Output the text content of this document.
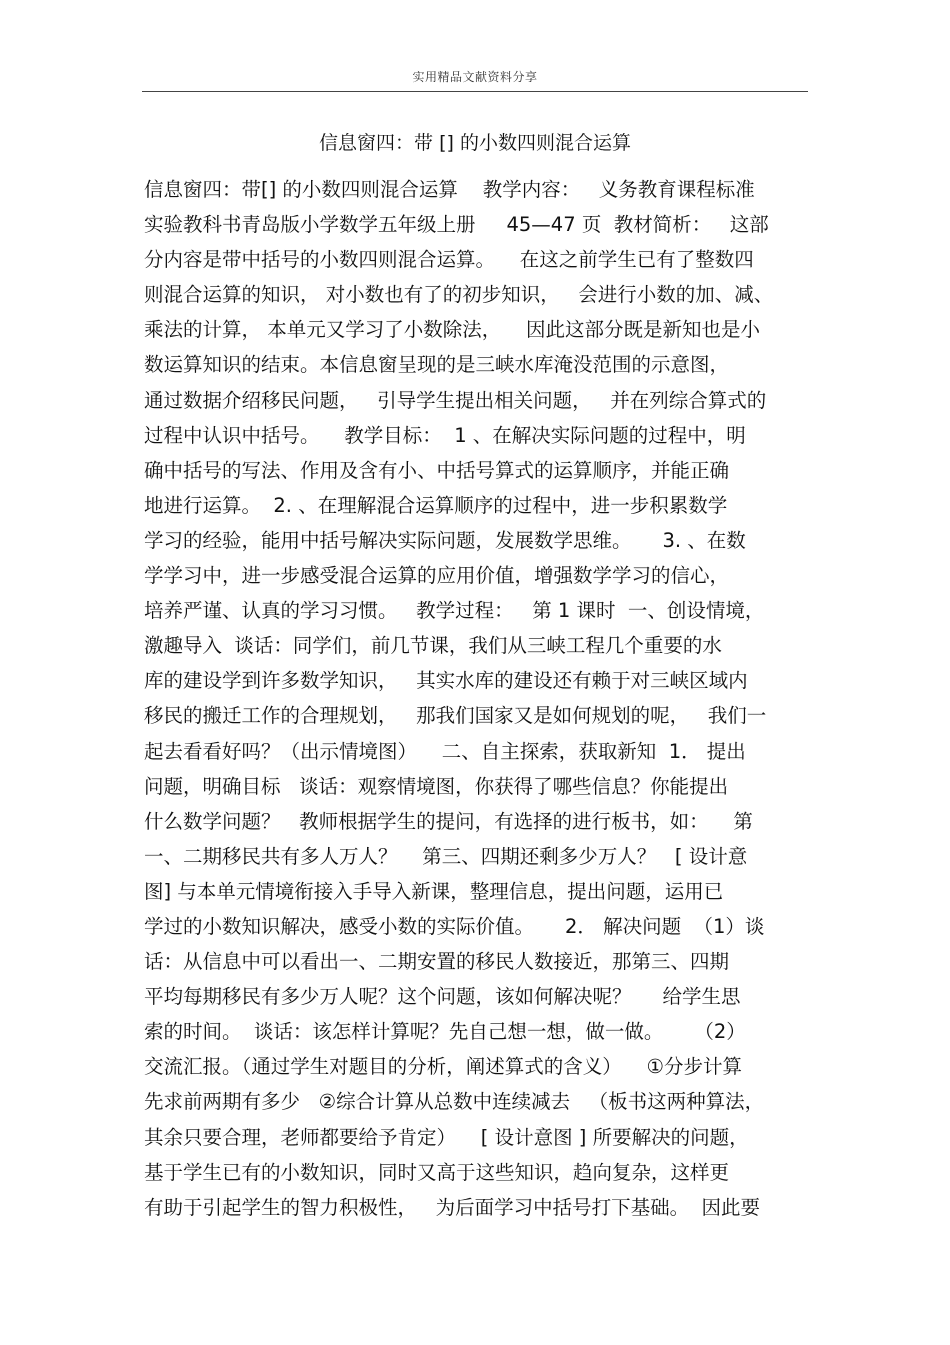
实用精品文献资料分享
信息窗四：带 [] 的小数四则混合运算
信息窗四：带[] 的小数四则混合运算    教学内容：   义务教育课程标准
实验教科书青岛版小学数学五年级上册     45—47 页  教材简析：   这部
分内容是带中括号的小数四则混合运算。    在这之前学生已有了整数四
则混合运算的知识， 对小数也有了的初步知识，   会进行小数的加、减、
乘法的计算， 本单元又学习了小数除法，    因此这部分既是新知也是小
数运算知识的结束。本信息窗呈现的是三峡水库淹没范围的示意图，
通过数据介绍移民问题，   引导学生提出相关问题，   并在列综合算式的
过程中认识中括号。    教学目标：  1 、在解决实际问题的过程中，明
确中括号的写法、作用及含有小、中括号算式的运算顺序，并能正确
地进行运算。  2. 、在理解混合运算顺序的过程中，进一步积累数学
学习的经验，能用中括号解决实际问题，发展数学思维。     3. 、在数
学学习中，进一步感受混合运算的应用价值，增强数学学习的信心，
培养严谨、认真的学习习惯。   教学过程：   第 1 课时  一、创设情境，
激趣导入  谈话：同学们，前几节课，我们从三峡工程几个重要的水
库的建设学到许多数学知识，   其实水库的建设还有赖于对三峡区域内
移民的搬迁工作的合理规划，   那我们国家又是如何规划的呢，   我们一
起去看看好吗？（出示情境图）    二、自主探索，获取新知  1． 提出
问题，明确目标   谈话：观察情境图，你获得了哪些信息？你能提出
什么数学问题？   教师根据学生的提问，有选择的进行板书，如：    第
一、二期移民共有多人万人？    第三、四期还剩多少万人？   [ 设计意
图] 与本单元情境衔接入手导入新课，整理信息，提出问题，运用已
学过的小数知识解决，感受小数的实际价值。     2． 解决问题  （1）谈
话：从信息中可以看出一、二期安置的移民人数接近，那第三、四期
平均每期移民有多少万人呢？这个问题，该如何解决呢？     给学生思
索的时间。  谈话：该怎样计算呢？先自己想一想，做一做。     （2）
交流汇报。（通过学生对题目的分析，阐述算式的含义）    ①分步计算
先求前两期有多少   ②综合计算从总数中连续减去   （板书这两种算法，
其余只要合理，老师都要给予肯定）    [ 设计意图 ] 所要解决的问题，
基于学生已有的小数知识，同时又高于这些知识，趋向复杂，这样更
有助于引起学生的智力积极性，   为后面学习中括号打下基础。  因此要
